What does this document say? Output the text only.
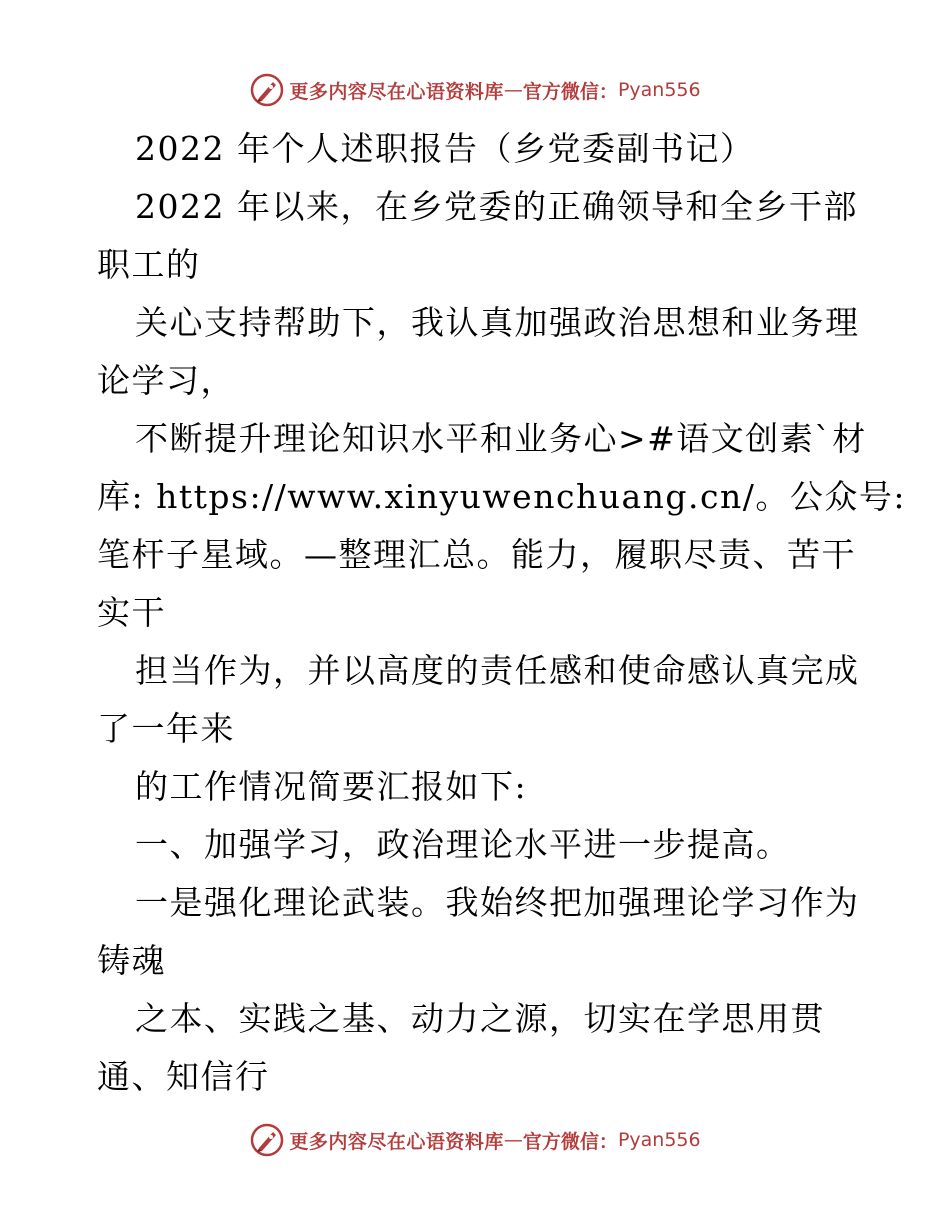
更多内容尽在心语资料库 — 官方微信： Pyan556
2022 年个人述职报告（乡党委副书记）
2022 年以来，在乡党委的正确领导和全乡干部
职工的
关心支持帮助下，我认真加强政治思想和业务理
论学习，
不断提升理论知识水平和业务心>#语文创素`材
库: https://www.xinyuwenchuang.cn/。公众号:
笔杆子星域。—整理汇总。能力，履职尽责、苦干
实干
担当作为，并以高度的责任感和使命感认真完成
了一年来
的工作情况简要汇报如下:
一、加强学习，政治理论水平进一步提高。
一是强化理论武装。我始终把加强理论学习作为
铸魂
之本、实践之基、动力之源，切实在学思用贯
通、知信行
更多内容尽在心语资料库 — 官方微信： Pyan556
